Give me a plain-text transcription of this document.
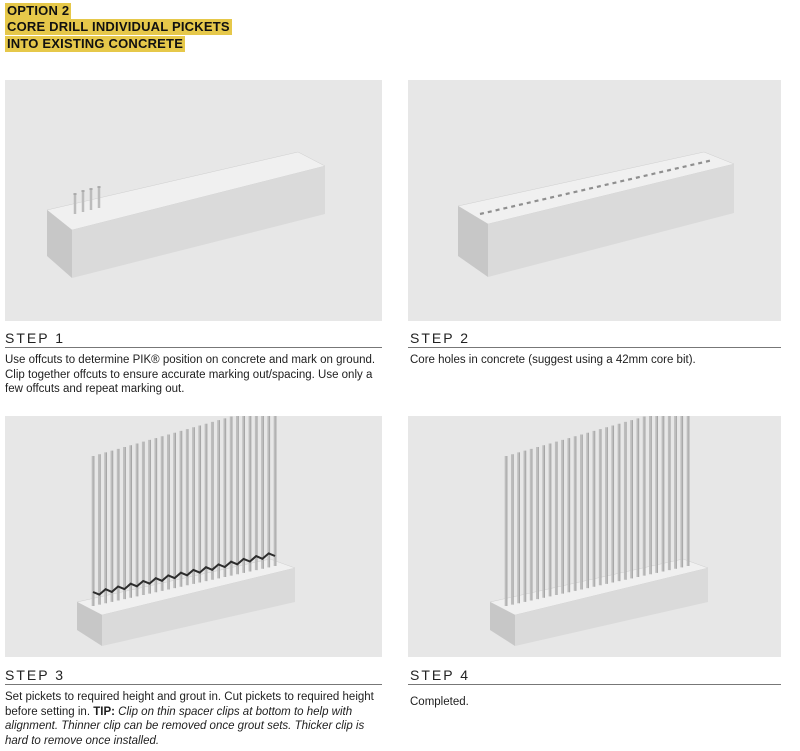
OPTION 2
CORE DRILL INDIVIDUAL PICKETS
INTO EXISTING CONCRETE
STEP 1
Use offcuts to determine PIK® position on concrete and mark on ground. Clip together offcuts to ensure accurate marking out/spacing. Use only a few offcuts and repeat marking out.
STEP 2
Core holes in concrete (suggest using a 42mm core bit).
STEP 3
Set pickets to required height and grout in. Cut pickets to required height before setting in. TIP: Clip on thin spacer clips at bottom to help with alignment. Thinner clip can be removed once grout sets. Thicker clip is hard to remove once installed.
STEP 4
Completed.
